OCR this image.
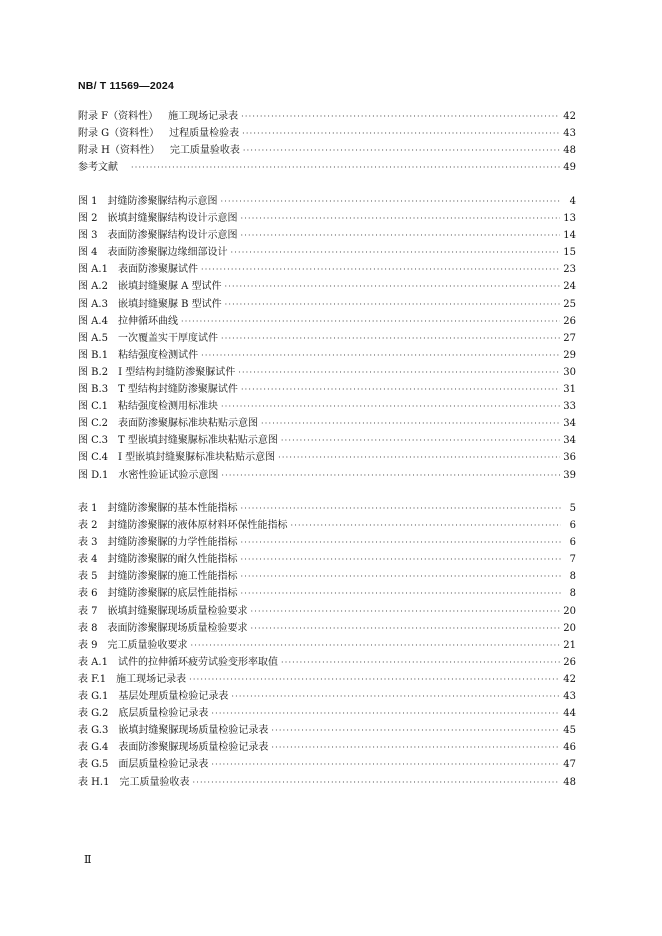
NB/ T 11569—2024
附录 F（资料性） 施工现场记录表 ·····	42
附录 G（资料性） 过程质量检验表 ·····	43
附录 H（资料性） 完工质量验收表 ·····	48
参考文献 ·····	49
图 1 封缝防渗聚脲结构示意图 ·····	4
图 2 嵌填封缝聚脲结构设计示意图 ·····	13
图 3 表面防渗聚脲结构设计示意图 ·····	14
图 4 表面防渗聚脲边缘细部设计 ·····	15
图 A.1 表面防渗聚脲试件 ·····	23
图 A.2 嵌填封缝聚脲 A 型试件 ·····	24
图 A.3 嵌填封缝聚脲 B 型试件 ·····	25
图 A.4 拉伸循环曲线 ·····	26
图 A.5 一次覆盖实干厚度试件 ·····	27
图 B.1 粘结强度检测试件 ·····	29
图 B.2 I 型结构封缝防渗聚脲试件 ·····	30
图 B.3 T 型结构封缝防渗聚脲试件 ·····	31
图 C.1 粘结强度检测用标准块 ·····	33
图 C.2 表面防渗聚脲标准块粘贴示意图 ·····	34
图 C.3 T 型嵌填封缝聚脲标准块粘贴示意图 ·····	34
图 C.4 I 型嵌填封缝聚脲标准块粘贴示意图 ·····	36
图 D.1 水密性验证试验示意图 ·····	39
表 1 封缝防渗聚脲的基本性能指标 ·····	5
表 2 封缝防渗聚脲的液体原材料环保性能指标 ·····	6
表 3 封缝防渗聚脲的力学性能指标 ·····	6
表 4 封缝防渗聚脲的耐久性能指标 ·····	7
表 5 封缝防渗聚脲的施工性能指标 ·····	8
表 6 封缝防渗聚脲的底层性能指标 ·····	8
表 7 嵌填封缝聚脲现场质量检验要求 ·····	20
表 8 表面防渗聚脲现场质量检验要求 ·····	20
表 9 完工质量验收要求 ·····	21
表 A.1 试件的拉伸循环疲劳试验变形率取值 ·····	26
表 F.1 施工现场记录表 ·····	42
表 G.1 基层处理质量检验记录表 ·····	43
表 G.2 底层质量检验记录表 ·····	44
表 G.3 嵌填封缝聚脲现场质量检验记录表 ·····	45
表 G.4 表面防渗聚脲现场质量检验记录表 ·····	46
表 G.5 面层质量检验记录表 ·····	47
表 H.1 完工质量验收表 ·····	48
Ⅱ
